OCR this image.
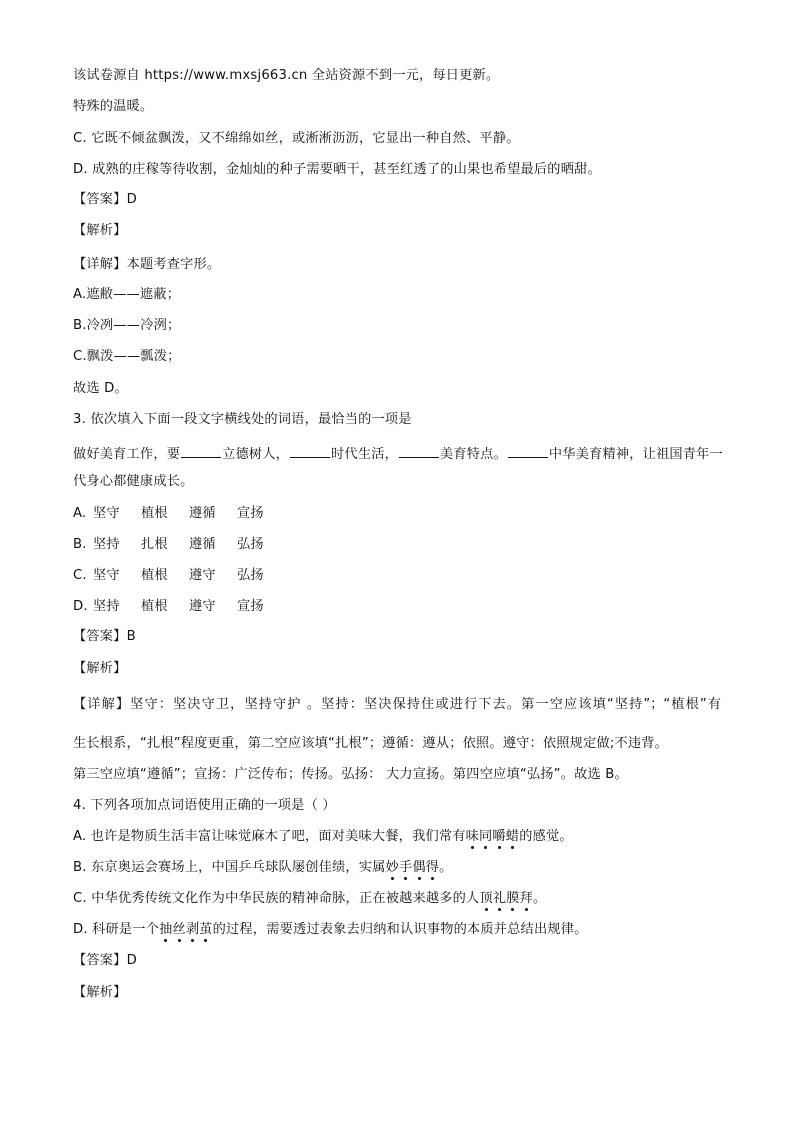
该试卷源自 https://www.mxsj663.cn 全站资源不到一元，每日更新。
特殊的温暖。
C. 它既不倾盆飘泼，又不绵绵如丝，或淅淅沥沥，它显出一种自然、平静。
D. 成熟的庄稼等待收割，金灿灿的种子需要晒干，甚至红透了的山果也希望最后的晒甜。
【答案】D
【解析】
【详解】本题考查字形。
A.遮敝——遮蔽；
B.冷冽——冷洌；
C.飘泼——瓢泼；
故选 D。
3. 依次填入下面一段文字横线处的词语，最恰当的一项是
做好美育工作，要	立德树人，	时代生活，	美育特点。	中华美育精神，让祖国青年一
代身心都健康成长。
A. 坚守 植根 遵循 宣扬
B. 坚持 扎根 遵循 弘扬
C. 坚守 植根 遵守 弘扬
D. 坚持 植根 遵守 宣扬
【答案】B
【解析】
【详解】坚守：坚决守卫，坚持守护 。坚持：坚决保持住或进行下去。第一空应该填“坚持”；“植根”有
生长根系，“扎根”程度更重，第二空应该填“扎根”；遵循：遵从；依照。遵守：依照规定做;不违背。
第三空应填“遵循”；宣扬：广泛传布；传扬。弘扬： 大力宣扬。第四空应填“弘扬”。故选 B。
4. 下列各项加点词语使用正确的一项是（ ）
A. 也许是物质生活丰富让味觉麻木了吧，面对美味大餐，我们常有味同嚼蜡的感觉。
B. 东京奥运会赛场上，中国乒乓球队屡创佳绩，实属妙手偶得。
C. 中华优秀传统文化作为中华民族的精神命脉，正在被越来越多的人顶礼膜拜。
D. 科研是一个抽丝剥茧的过程，需要透过表象去归纳和认识事物的本质并总结出规律。
【答案】D
【解析】
